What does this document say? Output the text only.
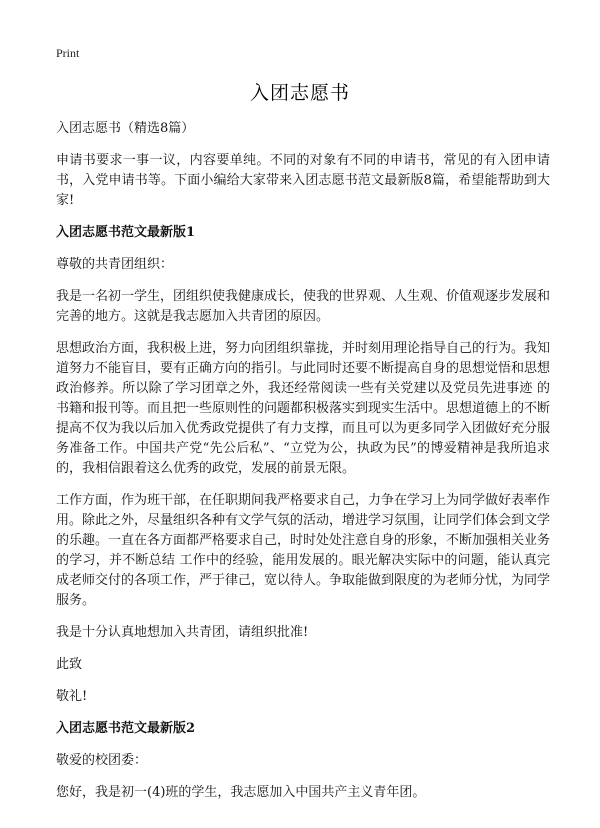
Print
入团志愿书

入团志愿书（精选8篇）

申请书要求一事一议，内容要单纯。不同的对象有不同的申请书，常见的有入团申请书，入党申请书等。下面小编给大家带来入团志愿书范文最新版8篇，希望能帮助到大家!

入团志愿书范文最新版1

尊敬的共青团组织：

我是一名初一学生，团组织使我健康成长，使我的世界观、人生观、价值观逐步发展和完善的地方。这就是我志愿加入共青团的原因。

思想政治方面，我积极上进，努力向团组织靠拢，并时刻用理论指导自己的行为。我知道努力不能盲目，要有正确方向的指引。与此同时还要不断提高自身的思想觉悟和思想政治修养。所以除了学习团章之外，我还经常阅读一些有关党建以及党员先进事迹 的书籍和报刊等。而且把一些原则性的问题都积极落实到现实生活中。思想道德上的不断提高不仅为我以后加入优秀政党提供了有力支撑，而且可以为更多同学入团做好充分服务准备工作。中国共产党“先公后私”、“立党为公，执政为民”的博爱精神是我所追求的，我相信跟着这么优秀的政党，发展的前景无限。

工作方面，作为班干部，在任职期间我严格要求自己，力争在学习上为同学做好表率作用。除此之外，尽量组织各种有文学气氛的活动，增进学习氛围，让同学们体会到文学的乐趣。一直在各方面都严格要求自己，时时处处注意自身的形象，不断加强相关业务的学习，并不断总结 工作中的经验，能用发展的。眼光解决实际中的问题，能认真完成老师交付的各项工作，严于律己，宽以待人。争取能做到限度的为老师分忧，为同学服务。

我是十分认真地想加入共青团，请组织批准!

此致

敬礼!

入团志愿书范文最新版2

敬爱的校团委：

您好，我是初一(4)班的学生，我志愿加入中国共产主义青年团。
